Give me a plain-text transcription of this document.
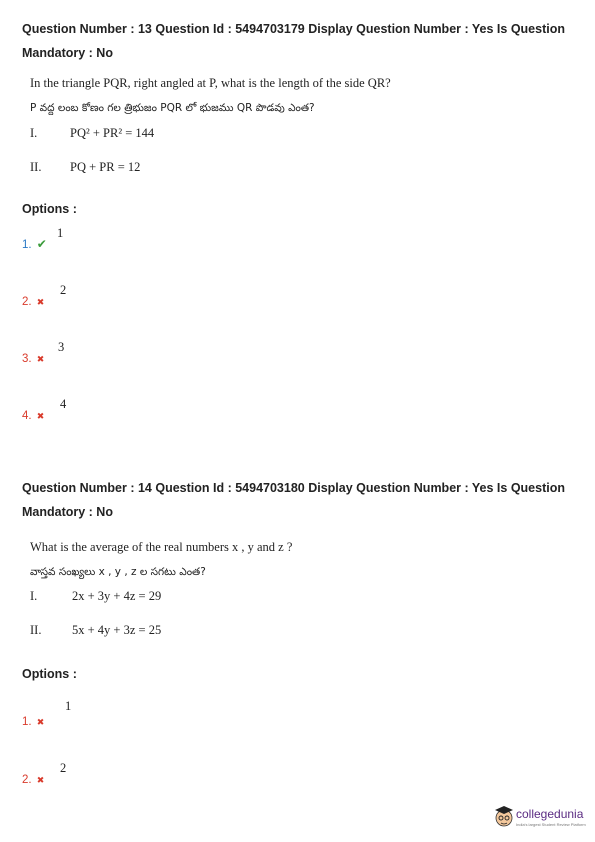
Question Number : 13 Question Id : 5494703179 Display Question Number : Yes Is Question
Mandatory : No
In the triangle PQR, right angled at P, what is the length of the side QR?
P వద్ద లంబ కోణం గల త్రిభుజం PQR లో భుజము QR పొడవు ఎంత?
I.	PQ² + PR² = 144
II. PQ + PR = 12
Options :
1. ✔
1
2. ✖
2
3. ✖
3
4. ✖
4
Question Number : 14 Question Id : 5494703180 Display Question Number : Yes Is Question
Mandatory : No
What is the average of the real numbers x , y and z ?
వాస్తవ సంఖ్యలు x , y , z ల సగటు ఎంత?
I.	2x + 3y + 4z = 29
II. 5x + 4y + 3z = 25
Options :
1. ✖
1
2. ✖
2
collegedunia
India's largest Student Review Platform
